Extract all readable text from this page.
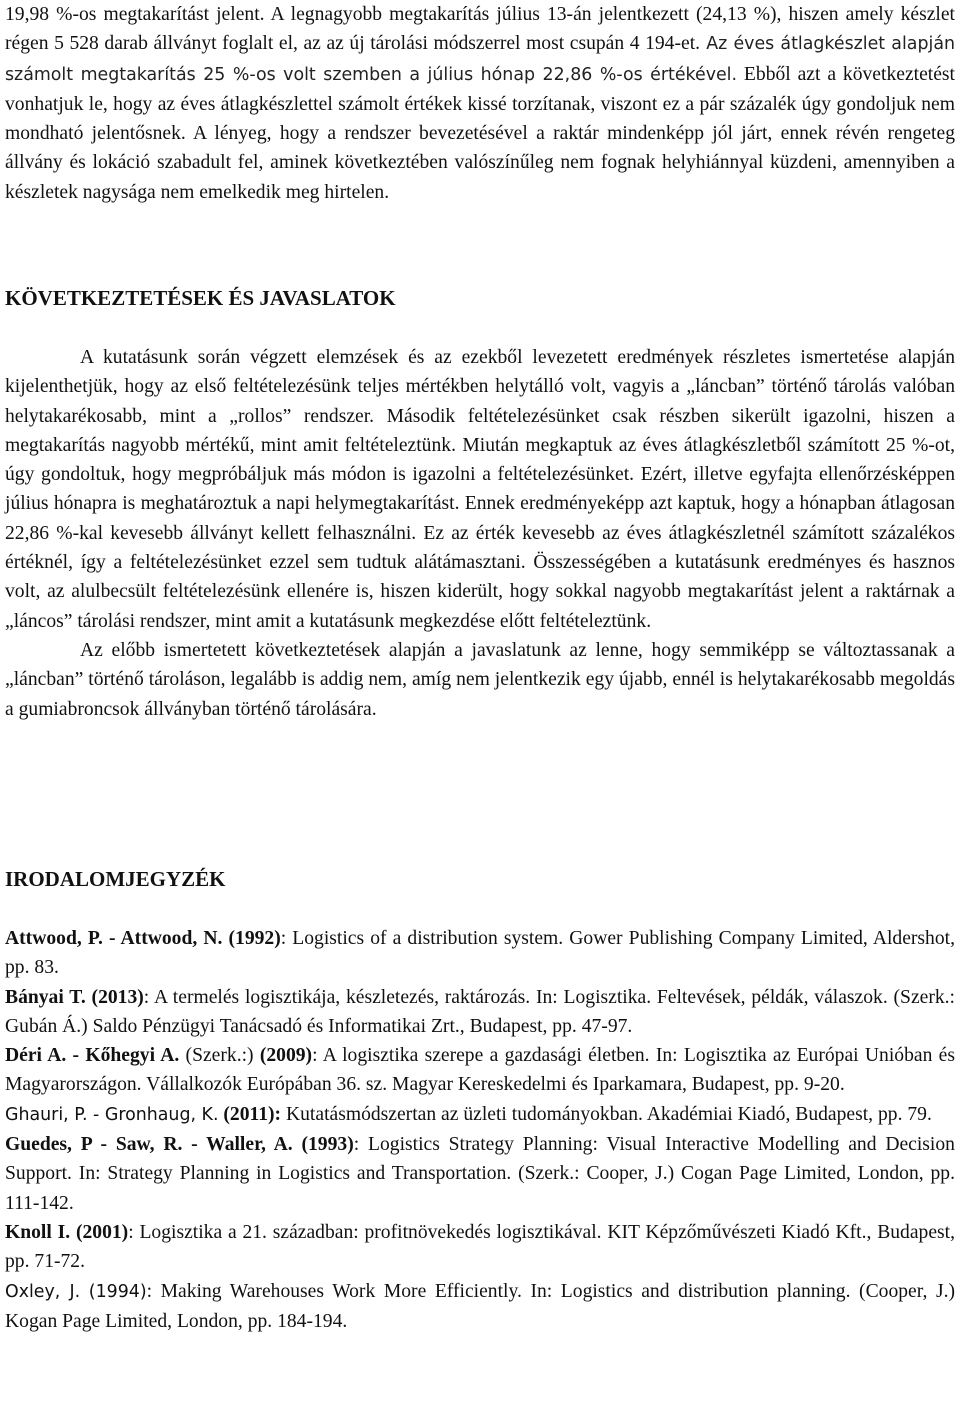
19,98 %-os megtakarítást jelent. A legnagyobb megtakarítás július 13-án jelentkezett (24,13 %), hiszen amely készlet régen 5 528 darab állványt foglalt el, az az új tárolási módszerrel most csupán 4 194-et. Az éves átlagkészlet alapján számolt megtakarítás 25 %-os volt szemben a július hónap 22,86 %-os értékével. Ebből azt a következtetést vonhatjuk le, hogy az éves átlagkészlettel számolt értékek kissé torzítanak, viszont ez a pár százalék úgy gondoljuk nem mondható jelentősnek. A lényeg, hogy a rendszer bevezetésével a raktár mindenképp jól járt, ennek révén rengeteg állvány és lokáció szabadult fel, aminek következtében valószínűleg nem fognak helyhiánnyal küzdeni, amennyiben a készletek nagysága nem emelkedik meg hirtelen.

KÖVETKEZTETÉSEK ÉS JAVASLATOK

A kutatásunk során végzett elemzések és az ezekből levezetett eredmények részletes ismertetése alapján kijelenthetjük, hogy az első feltételezésünk teljes mértékben helytálló volt, vagyis a „láncban” történő tárolás valóban helytakarékosabb, mint a „rollos” rendszer. Második feltételezésünket csak részben sikerült igazolni, hiszen a megtakarítás nagyobb mértékű, mint amit feltételeztünk. Miután megkaptuk az éves átlagkészletből számított 25 %-ot, úgy gondoltuk, hogy megpróbáljuk más módon is igazolni a feltételezésünket. Ezért, illetve egyfajta ellenőrzésképpen július hónapra is meghatároztuk a napi helymegtakarítást. Ennek eredményeképp azt kaptuk, hogy a hónapban átlagosan 22,86 %-kal kevesebb állványt kellett felhasználni. Ez az érték kevesebb az éves átlagkészletnél számított százalékos értéknél, így a feltételezésünket ezzel sem tudtuk alátámasztani. Összességében a kutatásunk eredményes és hasznos volt, az alulbecsült feltételezésünk ellenére is, hiszen kiderült, hogy sokkal nagyobb megtakarítást jelent a raktárnak a „láncos” tárolási rendszer, mint amit a kutatásunk megkezdése előtt feltételeztünk.

Az előbb ismertetett következtetések alapján a javaslatunk az lenne, hogy semmiképp se változtassanak a „láncban” történő tároláson, legalább is addig nem, amíg nem jelentkezik egy újabb, ennél is helytakarékosabb megoldás a gumiabroncsok állványban történő tárolására.

IRODALOMJEGYZÉK

Attwood, P. - Attwood, N. (1992): Logistics of a distribution system. Gower Publishing Company Limited, Aldershot, pp. 83.

Bányai T. (2013): A termelés logisztikája, készletezés, raktározás. In: Logisztika. Feltevések, példák, válaszok. (Szerk.: Gubán Á.) Saldo Pénzügyi Tanácsadó és Informatikai Zrt., Budapest, pp. 47-97.

Déri A. - Kőhegyi A. (Szerk.:) (2009): A logisztika szerepe a gazdasági életben. In: Logisztika az Európai Unióban és Magyarországon. Vállalkozók Európában 36. sz. Magyar Kereskedelmi és Iparkamara, Budapest, pp. 9-20.

Ghauri, P. - Gronhaug, K. (2011): Kutatásmódszertan az üzleti tudományokban. Akadémiai Kiadó, Budapest, pp. 79.

Guedes, P - Saw, R. - Waller, A. (1993): Logistics Strategy Planning: Visual Interactive Modelling and Decision Support. In: Strategy Planning in Logistics and Transportation. (Szerk.: Cooper, J.) Cogan Page Limited, London, pp. 111-142.

Knoll I. (2001): Logisztika a 21. században: profitnövekedés logisztikával. KIT Képzőművészeti Kiadó Kft., Budapest, pp. 71-72.

Oxley, J. (1994): Making Warehouses Work More Efficiently. In: Logistics and distribution planning. (Cooper, J.) Kogan Page Limited, London, pp. 184-194.
